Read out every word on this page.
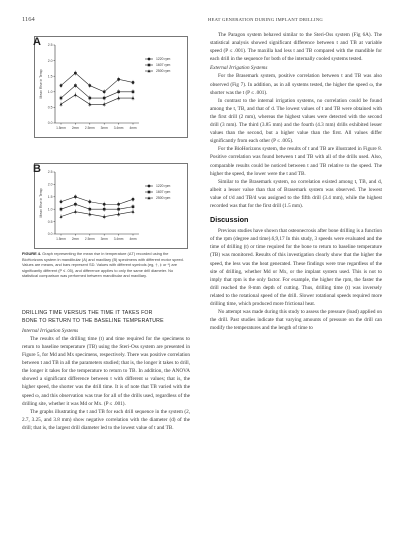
1164	HEAT GENERATION DURING IMPLANT DRILLING
2.5
2.0
1.5
1.0
0.5
0.0
Mean Rise in Temp
1.5mm 2mm 2.5mm 3mm 3.4mm 4mm
1220 rpm
1607 rpm
2500 rpm
A
2.5
2.0
1.5
1.0
0.5
0.0
Mean Rise in Temp
1.5mm 2mm 2.5mm 3mm 3.4mm 4mm
1220 rpm
1607 rpm
2500 rpm
B
FIGURE 4. Graph representing the mean rise in temperature (ΔT) recorded using the BioHorizons system in mandibular (A) and maxillary (B) specimens with different motor speed. Values are means, and bars represent SD. Values with different symbols (eg, †, ‡ or *) are significantly different (P ≤ .05), and difference applies to only the same drill diameter. No statistical comparison was performed between mandibular and maxillary.
DRILLING TIME VERSUS THE TIME IT TAKES FOR
BONE TO RETURN TO THE BASELINE TEMPERATURE

Internal Irrigation Systems

The results of the drilling time (t) and time required for the specimens to return to baseline temperature (TB) using the Steri-Oss system are presented in Figure 5, for Md and Mx specimens, respectively. There was positive correlation between t and TB in all the parameters studied; that is, the longer it takes to drill, the longer it takes for the temperature to return to TB. In addition, the ANOVA showed a significant difference between t with different ω values; that is, the higher speed, the shorter was the drill time. It is of note that TB varied with the speed ω, and this observation was true for all of the drills used, regardless of the drilling site, whether it was Md or Mx. (P ≤ .001).

The graphs illustrating the t and TB for each drill sequence in the system (2, 2.7, 3.25, and 3.8 mm) show negative correlation with the diameter (d) of the drill; that is, the largest drill diameter led to the lowest value of t and TB.

The Paragon system behaved similar to the Steri-Oss system (Fig 6A). The statistical analysis showed significant difference between t and TB at variable speed (P ≤ .001). The maxilla had less t and TB compared with the mandible for each drill in the sequence for both of the internally cooled systems tested.

External Irrigation Systems

For the Brasemark system, positive correlation between t and TB was also observed (Fig 7). In addition, as in all systems tested, the higher the speed ω, the shorter was the t (P ≤ .001).

In contrast to the internal irrigation systems, no correlation could be found among the t, TB, and that of d. The lowest values of t and TB were obtained with the first drill (2 mm), whereas the highest values were detected with the second drill (3 mm). The third (3.85 mm) and the fourth (4.3 mm) drills exhibited lesser values than the second, but a higher value than the first. All values differ significantly from each other (P ≤ .005).

For the BioHorizons system, the results of t and TB are illustrated in Figure 8. Positive correlation was found between t and TB with all of the drills used. Also, comparable results could be noticed between t and TB relative to the speed. The higher the speed, the lower were the t and TB.

Similar to the Brasemark system, no correlation existed among t, TB, and d, albeit a lesser value than that of Brasemark system was observed. The lowest value of t/d and TB/d was assigned to the fifth drill (3.4 mm), while the highest recorded was that for the first drill (1.5 mm).

Discussion

Previous studies have shown that osteonecrosis after bone drilling is a function of the rpm (degree and time).6,9,17 In this study, 3 speeds were evaluated and the time of drilling (t) or time required for the bone to return to baseline temperature (TB) was monitored. Results of this investigation clearly show that the higher the speed, the less was the heat generated. These findings were true regardless of the site of drilling, whether Md or Mx, or the implant system used. This is not to imply that rpm is the only factor. For example, the higher the rpm, the faster the drill reached the 8-mm depth of cutting. Thus, drilling time (t) was inversely related to the rotational speed of the drill. Slower rotational speeds required more drilling time, which produced more frictional heat.

No attempt was made during this study to assess the pressure (load) applied on the drill. Past studies indicate that varying amounts of pressure on the drill can modify the temperatures and the length of time to
